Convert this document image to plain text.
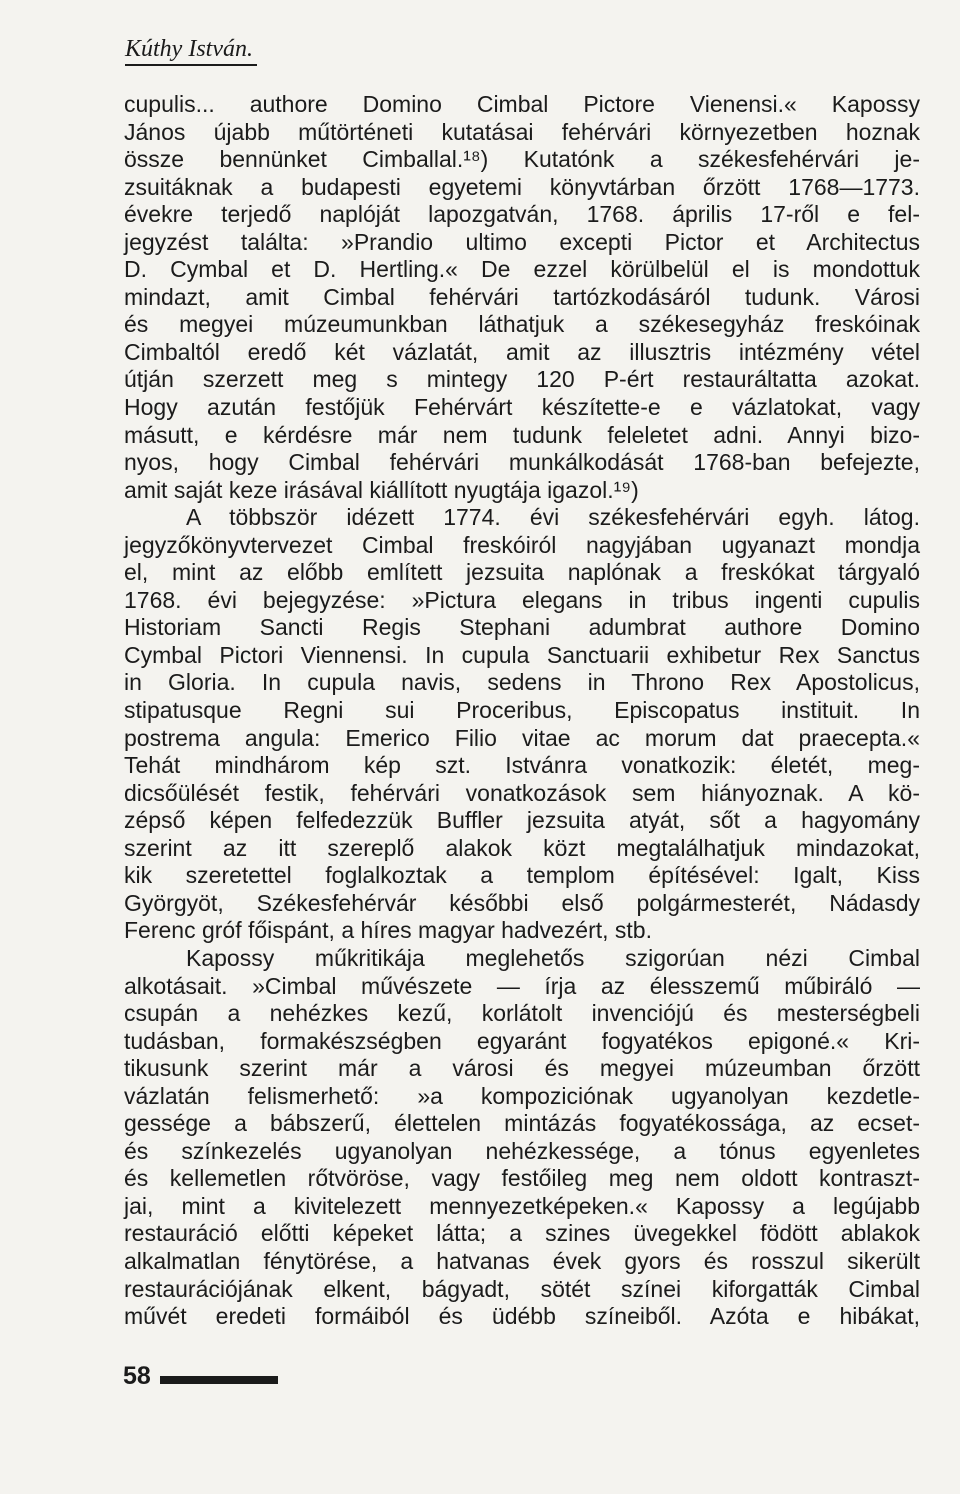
Kúthy István.
cupulis... authore Domino Cimbal Pictore Vienensi.« Kapossy
János újabb műtörténeti kutatásai fehérvári környezetben hoznak
össze bennünket Cimballal.¹⁸) Kutatónk a székesfehérvári je-
zsuitáknak a budapesti egyetemi könyvtárban őrzött 1768—1773.
évekre terjedő naplóját lapozgatván, 1768. április 17-ről e fel-
jegyzést találta: »Prandio ultimo excepti Pictor et Architectus
D. Cymbal et D. Hertling.« De ezzel körülbelül el is mondottuk
mindazt, amit Cimbal fehérvári tartózkodásáról tudunk. Városi
és megyei múzeumunkban láthatjuk a székesegyház freskóinak
Cimbaltól eredő két vázlatát, amit az illusztris intézmény vétel
útján szerzett meg s mintegy 120 P-ért restauráltatta azokat.
Hogy azután festőjük Fehérvárt készítette-e e vázlatokat, vagy
másutt, e kérdésre már nem tudunk feleletet adni. Annyi bizo-
nyos, hogy Cimbal fehérvári munkálkodását 1768-ban befejezte,
amit saját keze irásával kiállított nyugtája igazol.¹⁹)
A többször idézett 1774. évi székesfehérvári egyh. látog.
jegyzőkönyvtervezet Cimbal freskóiról nagyjában ugyanazt mondja
el, mint az előbb említett jezsuita naplónak a freskókat tárgyaló
1768. évi bejegyzése: »Pictura elegans in tribus ingenti cupulis
Historiam Sancti Regis Stephani adumbrat authore Domino
Cymbal Pictori Viennensi. In cupula Sanctuarii exhibetur Rex Sanctus
in Gloria. In cupula navis, sedens in Throno Rex Apostolicus,
stipatusque Regni sui Proceribus, Episcopatus instituit. In
postrema angula: Emerico Filio vitae ac morum dat praecepta.«
Tehát mindhárom kép szt. Istvánra vonatkozik: életét, meg-
dicsőülését festik, fehérvári vonatkozások sem hiányoznak. A kö-
zépső képen felfedezzük Buffler jezsuita atyát, sőt a hagyomány
szerint az itt szereplő alakok közt megtalálhatjuk mindazokat,
kik szeretettel foglalkoztak a templom építésével: Igalt, Kiss
Györgyöt, Székesfehérvár későbbi első polgármesterét, Nádasdy
Ferenc gróf főispánt, a híres magyar hadvezért, stb.
Kapossy műkritikája meglehetős szigorúan nézi Cimbal
alkotásait. »Cimbal művészete — írja az élesszemű műbiráló —
csupán a nehézkes kezű, korlátolt invenciójú és mesterségbeli
tudásban, formakészségben egyaránt fogyatékos epigoné.« Kri-
tikusunk szerint már a városi és megyei múzeumban őrzött
vázlatán felismerhető: »a kompoziciónak ugyanolyan kezdetle-
gessége a bábszerű, élettelen mintázás fogyatékossága, az ecset-
és színkezelés ugyanolyan nehézkessége, a tónus egyenletes
és kellemetlen rőtvöröse, vagy festőileg meg nem oldott kontraszt-
jai, mint a kivitelezett mennyezetképeken.« Kapossy a legújabb
restauráció előtti képeket látta; a szines üvegekkel födött ablakok
alkalmatlan fénytörése, a hatvanas évek gyors és rosszul sikerült
restaurációjának elkent, bágyadt, sötét színei kiforgatták Cimbal
művét eredeti formáiból és üdébb színeiből. Azóta e hibákat,

58
